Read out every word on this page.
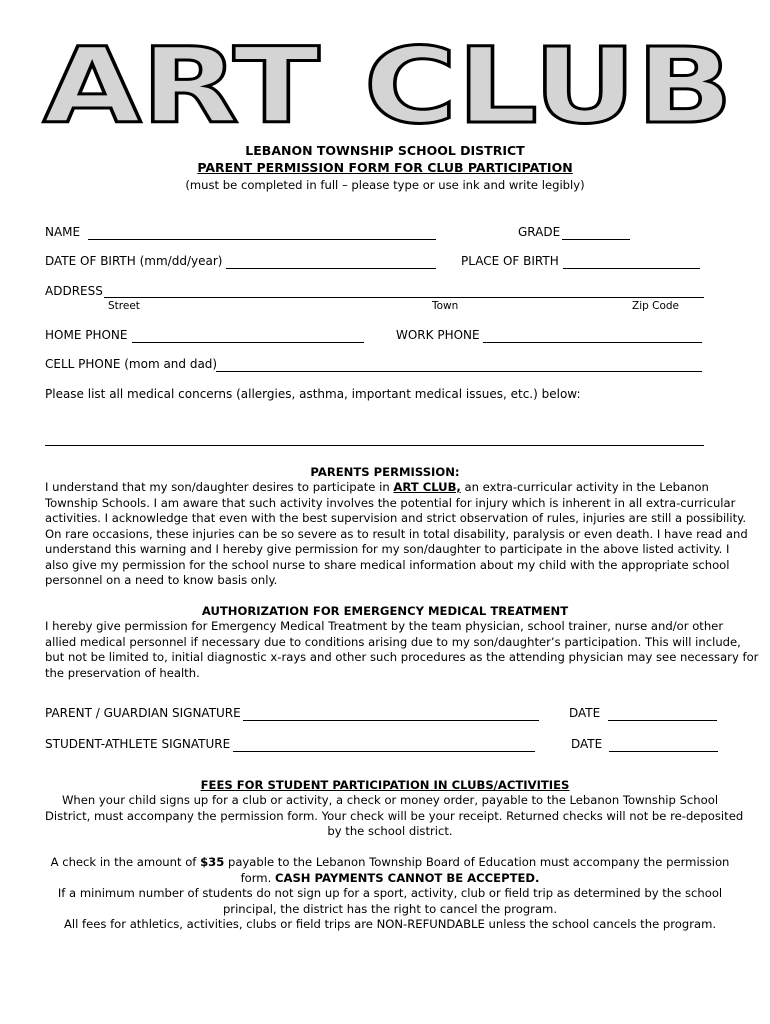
ART CLUB
LEBANON TOWNSHIP SCHOOL DISTRICT
PARENT PERMISSION FORM FOR CLUB PARTICIPATION
(must be completed in full – please type or use ink and write legibly)
NAME	GRADE
DATE OF BIRTH (mm/dd/year)	PLACE OF BIRTH
ADDRESS
Street	Town	Zip Code
HOME PHONE	WORK PHONE
CELL PHONE (mom and dad)
Please list all medical concerns (allergies, asthma, important medical issues, etc.) below:
PARENTS PERMISSION:

I understand that my son/daughter desires to participate in ART CLUB, an extra-curricular activity in the Lebanon

Township Schools. I am aware that such activity involves the potential for injury which is inherent in all extra-curricular

activities. I acknowledge that even with the best supervision and strict observation of rules, injuries are still a possibility.

On rare occasions, these injuries can be so severe as to result in total disability, paralysis or even death. I have read and

understand this warning and I hereby give permission for my son/daughter to participate in the above listed activity. I

also give my permission for the school nurse to share medical information about my child with the appropriate school

personnel on a need to know basis only.

AUTHORIZATION FOR EMERGENCY MEDICAL TREATMENT

I hereby give permission for Emergency Medical Treatment by the team physician, school trainer, nurse and/or other

allied medical personnel if necessary due to conditions arising due to my son/daughter’s participation. This will include,

but not be limited to, initial diagnostic x-rays and other such procedures as the attending physician may see necessary for

the preservation of health.

PARENT / GUARDIAN SIGNATURE	DATE
STUDENT-ATHLETE SIGNATURE	DATE
FEES FOR STUDENT PARTICIPATION IN CLUBS/ACTIVITIES

When your child signs up for a club or activity, a check or money order, payable to the Lebanon Township School

District, must accompany the permission form. Your check will be your receipt. Returned checks will not be re-deposited

by the school district.

A check in the amount of $35 payable to the Lebanon Township Board of Education must accompany the permission

form. CASH PAYMENTS CANNOT BE ACCEPTED.

If a minimum number of students do not sign up for a sport, activity, club or field trip as determined by the school

principal, the district has the right to cancel the program.

All fees for athletics, activities, clubs or field trips are NON-REFUNDABLE unless the school cancels the program.
